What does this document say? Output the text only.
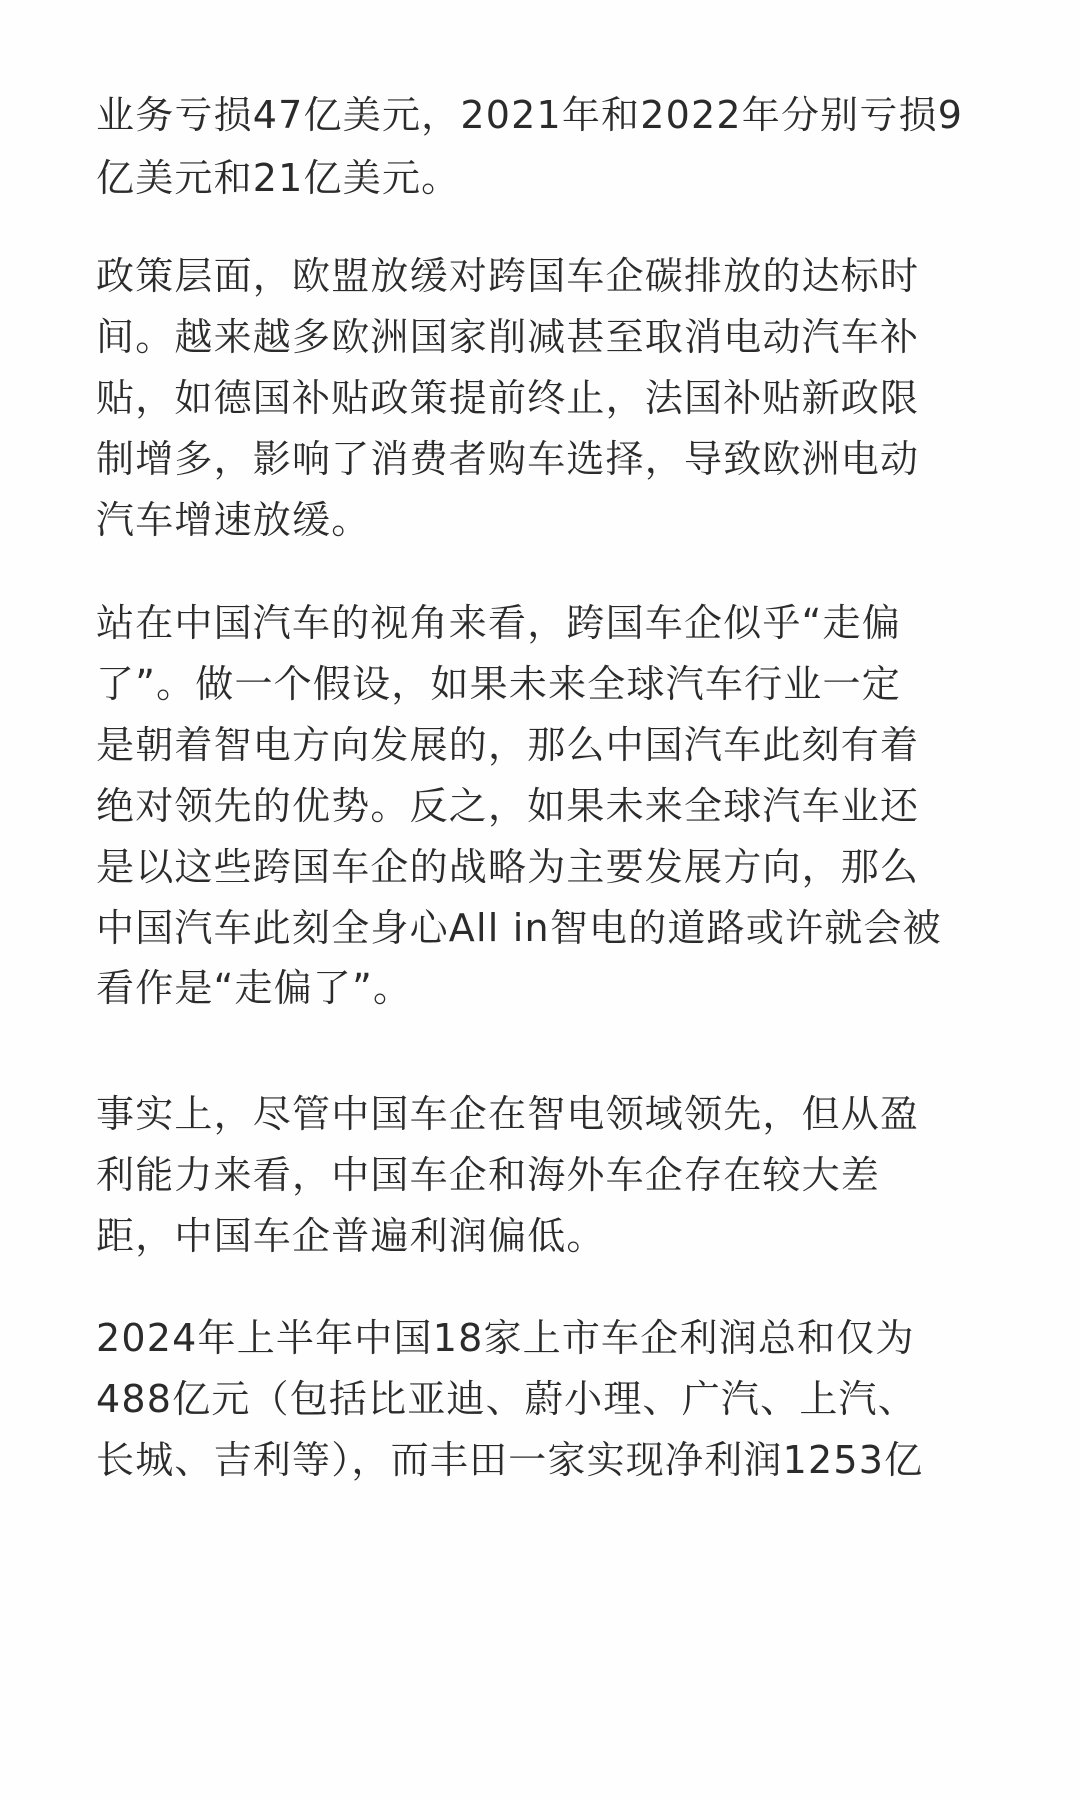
业务亏损47亿美元，2021年和2022年分别亏损9
亿美元和21亿美元。
政策层面，欧盟放缓对跨国车企碳排放的达标时
间。越来越多欧洲国家削减甚至取消电动汽车补
贴，如德国补贴政策提前终止，法国补贴新政限
制增多，影响了消费者购车选择，导致欧洲电动
汽车增速放缓。
站在中国汽车的视角来看，跨国车企似乎“走偏
了”。做一个假设，如果未来全球汽车行业一定
是朝着智电方向发展的，那么中国汽车此刻有着
绝对领先的优势。反之，如果未来全球汽车业还
是以这些跨国车企的战略为主要发展方向，那么
中国汽车此刻全身心All in智电的道路或许就会被
看作是“走偏了”。
事实上，尽管中国车企在智电领域领先，但从盈
利能力来看，中国车企和海外车企存在较大差
距，中国车企普遍利润偏低。
2024年上半年中国18家上市车企利润总和仅为
488亿元（包括比亚迪、蔚小理、广汽、上汽、
长城、吉利等），而丰田一家实现净利润1253亿
